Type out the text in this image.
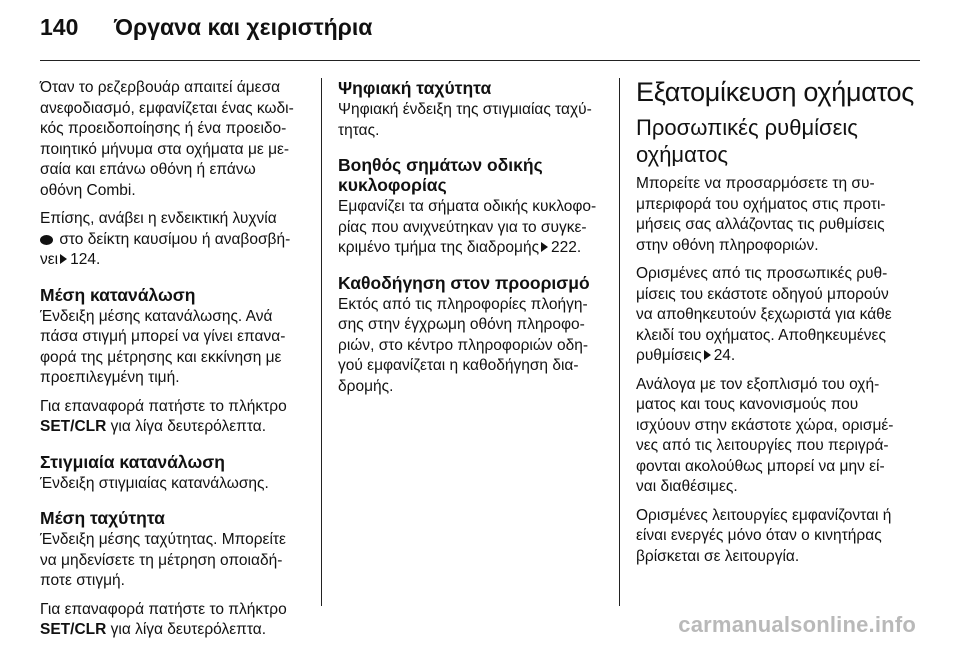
140	Όργανα και χειριστήρια

Όταν το ρεζερβουάρ απαιτεί άμεσα
ανεφοδιασμό, εμφανίζεται ένας κωδι-
κός προειδοποίησης ή ένα προειδο-
ποιητικό μήνυμα στα οχήματα με με-
σαία και επάνω οθόνη ή επάνω
οθόνη Combi.

Επίσης, ανάβει η ενδεικτική λυχνία
στο δείκτη καυσίμου ή αναβοσβή-
νει 124.

Μέση κατανάλωση

Ένδειξη μέσης κατανάλωσης. Ανά
πάσα στιγμή μπορεί να γίνει επανα-
φορά της μέτρησης και εκκίνηση με
προεπιλεγμένη τιμή.

Για επαναφορά πατήστε το πλήκτρο
SET/CLR για λίγα δευτερόλεπτα.

Στιγμιαία κατανάλωση

Ένδειξη στιγμιαίας κατανάλωσης.

Μέση ταχύτητα

Ένδειξη μέσης ταχύτητας. Μπορείτε
να μηδενίσετε τη μέτρηση οποιαδή-
ποτε στιγμή.

Για επαναφορά πατήστε το πλήκτρο
SET/CLR για λίγα δευτερόλεπτα.

Ψηφιακή ταχύτητα

Ψηφιακή ένδειξη της στιγμιαίας ταχύ-
τητας.

Βοηθός σημάτων οδικής
κυκλοφορίας

Εμφανίζει τα σήματα οδικής κυκλοφο-
ρίας που ανιχνεύτηκαν για το συγκε-
κριμένο τμήμα της διαδρομής 222.

Καθοδήγηση στον προορισμό

Εκτός από τις πληροφορίες πλοήγη-
σης στην έγχρωμη οθόνη πληροφο-
ριών, στο κέντρο πληροφοριών οδη-
γού εμφανίζεται η καθοδήγηση δια-
δρομής.

Εξατομίκευση οχήματος
Προσωπικές ρυθμίσεις
οχήματος

Μπορείτε να προσαρμόσετε τη συ-
μπεριφορά του οχήματος στις προτι-
μήσεις σας αλλάζοντας τις ρυθμίσεις
στην οθόνη πληροφοριών.

Ορισμένες από τις προσωπικές ρυθ-
μίσεις του εκάστοτε οδηγού μπορούν
να αποθηκευτούν ξεχωριστά για κάθε
κλειδί του οχήματος. Αποθηκευμένες
ρυθμίσεις 24.

Ανάλογα με τον εξοπλισμό του οχή-
ματος και τους κανονισμούς που
ισχύουν στην εκάστοτε χώρα, ορισμέ-
νες από τις λειτουργίες που περιγρά-
φονται ακολούθως μπορεί να μην εί-
ναι διαθέσιμες.

Ορισμένες λειτουργίες εμφανίζονται ή
είναι ενεργές μόνο όταν ο κινητήρας
βρίσκεται σε λειτουργία.

carmanualsonline.info
